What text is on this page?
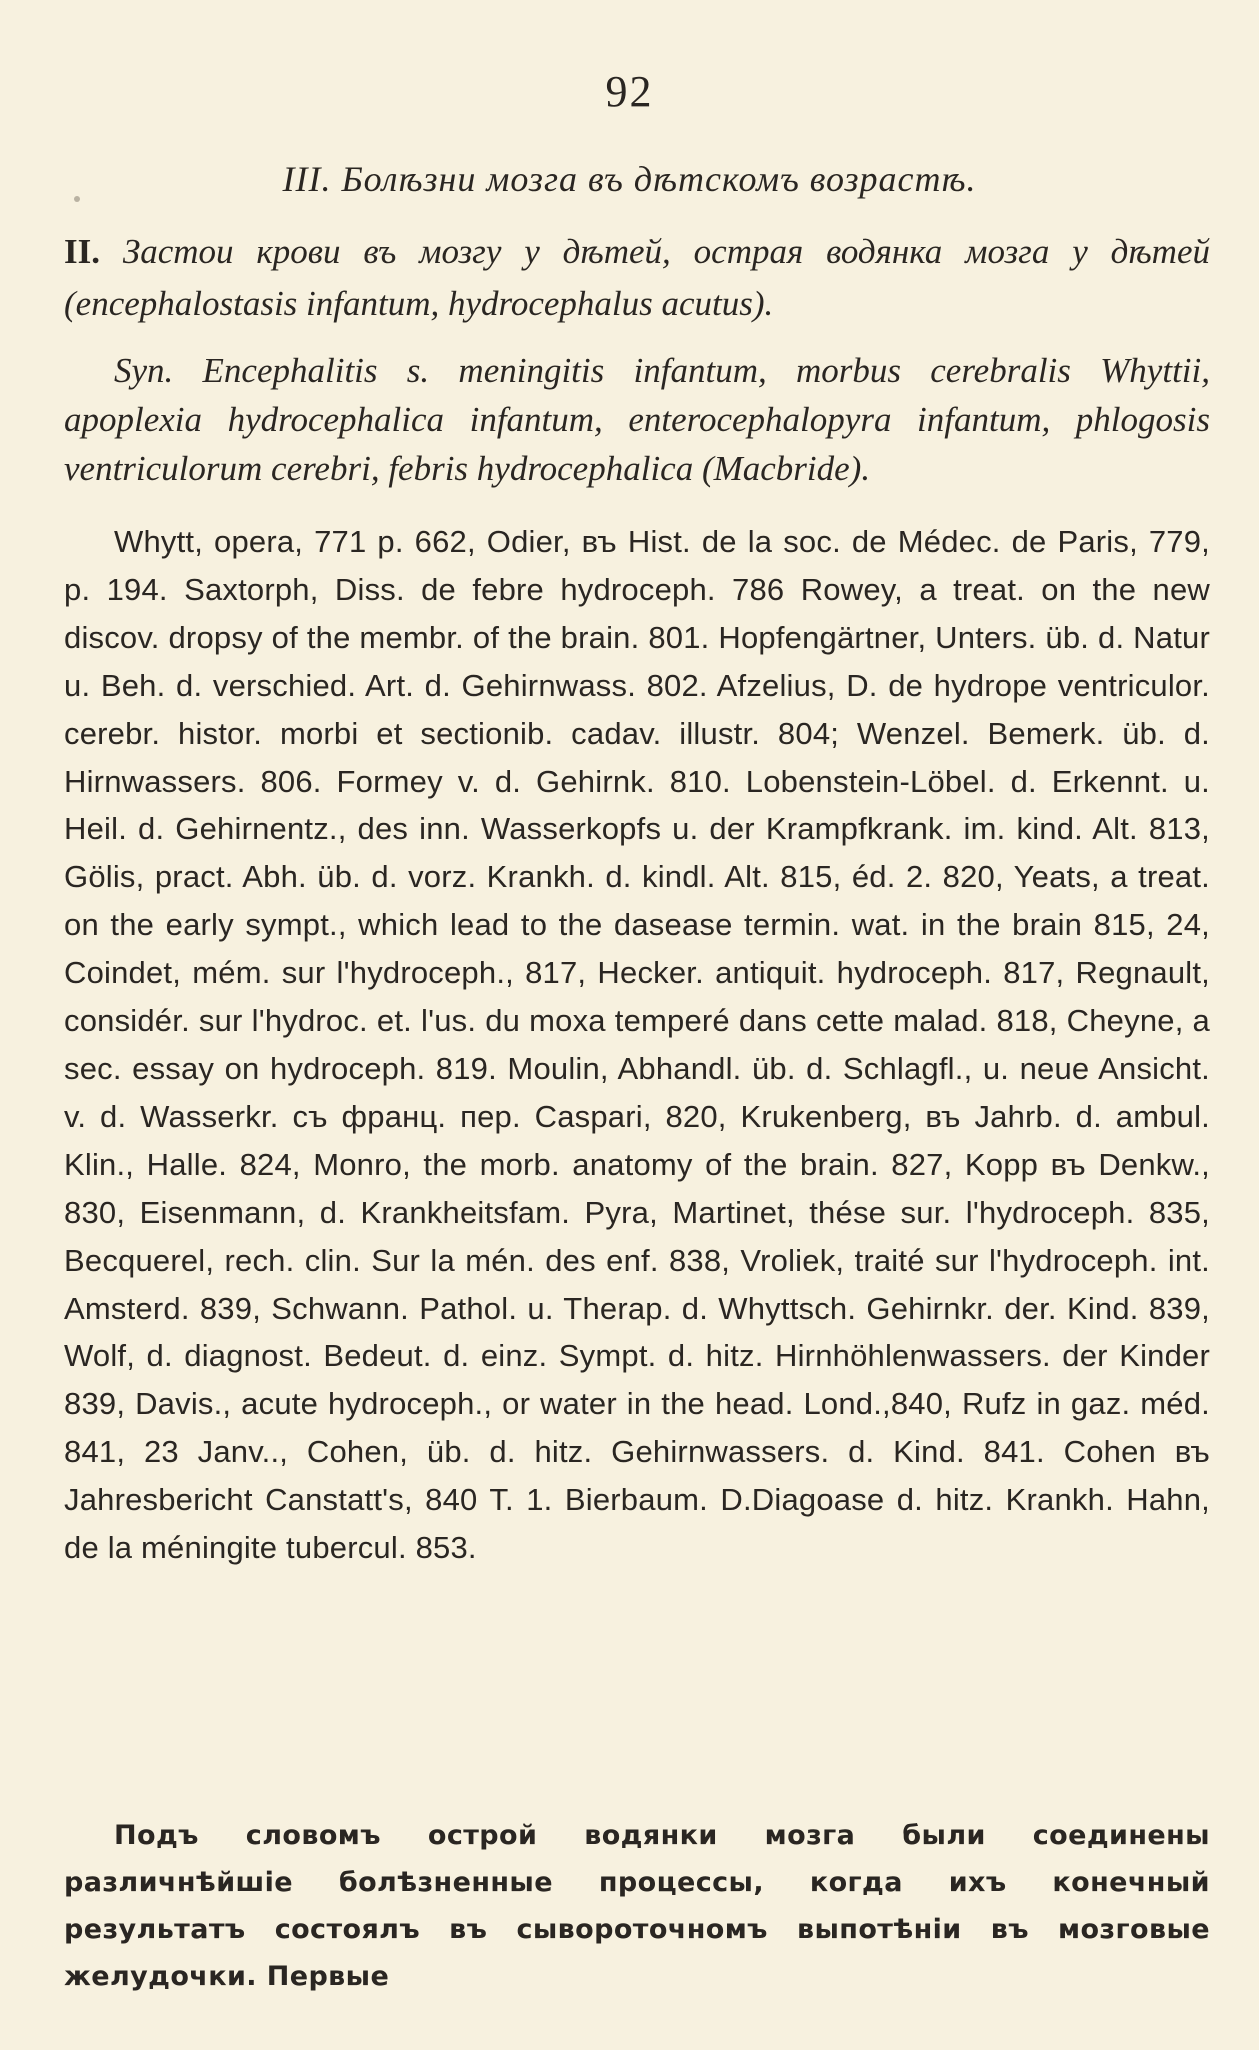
92
III. Болѣзни мозга въ дѣтскомъ возрастѣ.
II. Застои крови въ мозгу у дѣтей, острая водянка мозга у дѣтей (encephalostasis infantum, hydrocephalus acutus).
Syn. Encephalitis s. meningitis infantum, morbus cerebralis Whyttii, apoplexia hydrocephalica infantum, enterocephalopyra infantum, phlogosis ventriculorum cerebri, febris hydrocephalica (Macbride).
Whytt, opera, 771 p. 662, Odier, въ Hist. de la soc. de Médec. de Paris, 779, p. 194. Saxtorph, Diss. de febre hydroceph. 786 Rowey, a treat. on the new discov. dropsy of the membr. of the brain. 801. Hopfengärtner, Unters. üb. d. Natur u. Beh. d. verschied. Art. d. Gehirnwass. 802. Afzelius, D. de hydrope ventriculor. cerebr. histor. morbi et sectionib. cadav. illustr. 804; Wenzel. Bemerk. üb. d. Hirnwassers. 806. Formey v. d. Gehirnk. 810. Lobenstein-Löbel. d. Erkennt. u. Heil. d. Gehirnentz., des inn. Wasserkopfs u. der Krampfkrank. im. kind. Alt. 813, Gölis, pract. Abh. üb. d. vorz. Krankh. d. kindl. Alt. 815, éd. 2. 820, Yeats, a treat. on the early sympt., which lead to the dasease termin. wat. in the brain 815, 24, Coindet, mém. sur l'hydroceph., 817, Hecker. antiquit. hydroceph. 817, Regnault, considér. sur l'hydroc. et. l'us. du moxa temperé dans cette malad. 818, Cheyne, a sec. essay on hydroceph. 819. Moulin, Abhandl. üb. d. Schlagfl., u. neue Ansicht. v. d. Wasserkr. съ франц. пер. Caspari, 820, Krukenberg, въ Jahrb. d. ambul. Klin., Halle. 824, Monro, the morb. anatomy of the brain. 827, Kopp въ Denkw., 830, Eisenmann, d. Krankheitsfam. Pyra, Martinet, thése sur. l'hydroceph. 835, Becquerel, rech. clin. Sur la mén. des enf. 838, Vroliek, traité sur l'hydroceph. int. Amsterd. 839, Schwann. Pathol. u. Therap. d. Whyttsch. Gehirnkr. der. Kind. 839, Wolf, d. diagnost. Bedeut. d. einz. Sympt. d. hitz. Hirnhöhlenwassers. der Kinder 839, Davis., acute hydroceph., or water in the head. Lond.,840, Rufz in gaz. méd. 841, 23 Janv.., Cohen, üb. d. hitz. Gehirnwassers. d. Kind. 841. Cohen въ Jahresbericht Canstatt's, 840 T. 1. Bierbaum. D.Diagoase d. hitz. Krankh. Hahn, de la méningite tubercul. 853.
Подъ словомъ острой водянки мозга были соединены различнѣйшіе болѣзненные процессы, когда ихъ конечный результатъ состоялъ въ сывороточномъ выпотѣніи въ мозговые желудочки. Первые
